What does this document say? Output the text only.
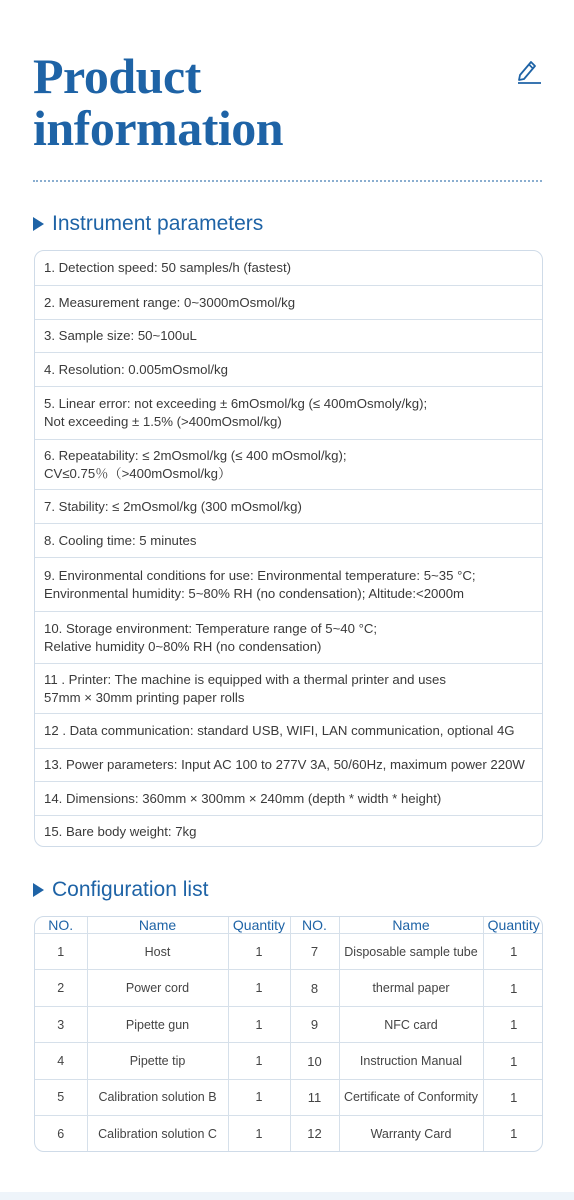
Product
information
Instrument parameters
1. Detection speed: 50 samples/h (fastest)
2. Measurement range: 0~3000mOsmol/kg
3. Sample size: 50~100uL
4. Resolution: 0.005mOsmol/kg
5. Linear error: not exceeding ± 6mOsmol/kg (≤ 400mOsmoly/kg);
Not exceeding ± 1.5% (>400mOsmol/kg)
6. Repeatability: ≤ 2mOsmol/kg (≤ 400 mOsmol/kg);
CV≤0.75％（>400mOsmol/kg）
7. Stability: ≤ 2mOsmol/kg (300 mOsmol/kg)
8. Cooling time: 5 minutes
9. Environmental conditions for use: Environmental temperature: 5~35 °C;
Environmental humidity: 5~80% RH (no condensation); Altitude:<2000m
10. Storage environment: Temperature range of 5~40 °C;
Relative humidity 0~80% RH (no condensation)
11 . Printer: The machine is equipped with a thermal printer and uses
57mm × 30mm printing paper rolls
12 . Data communication: standard USB, WIFI, LAN communication, optional 4G
13. Power parameters: Input AC 100 to 277V 3A, 50/60Hz, maximum power 220W
14. Dimensions: 360mm × 300mm × 240mm (depth * width * height)
15. Bare body weight: 7kg
Configuration list
NO.	Name	Quantity	NO.	Name	Quantity
1	Host	1	7	Disposable sample tube	1
2	Power cord	1	8	thermal paper	1
3	Pipette gun	1	9	NFC card	1
4	Pipette tip	1	10	Instruction Manual	1
5	Calibration solution B	1	11	Certificate of Conformity	1
6	Calibration solution C	1	12	Warranty Card	1
